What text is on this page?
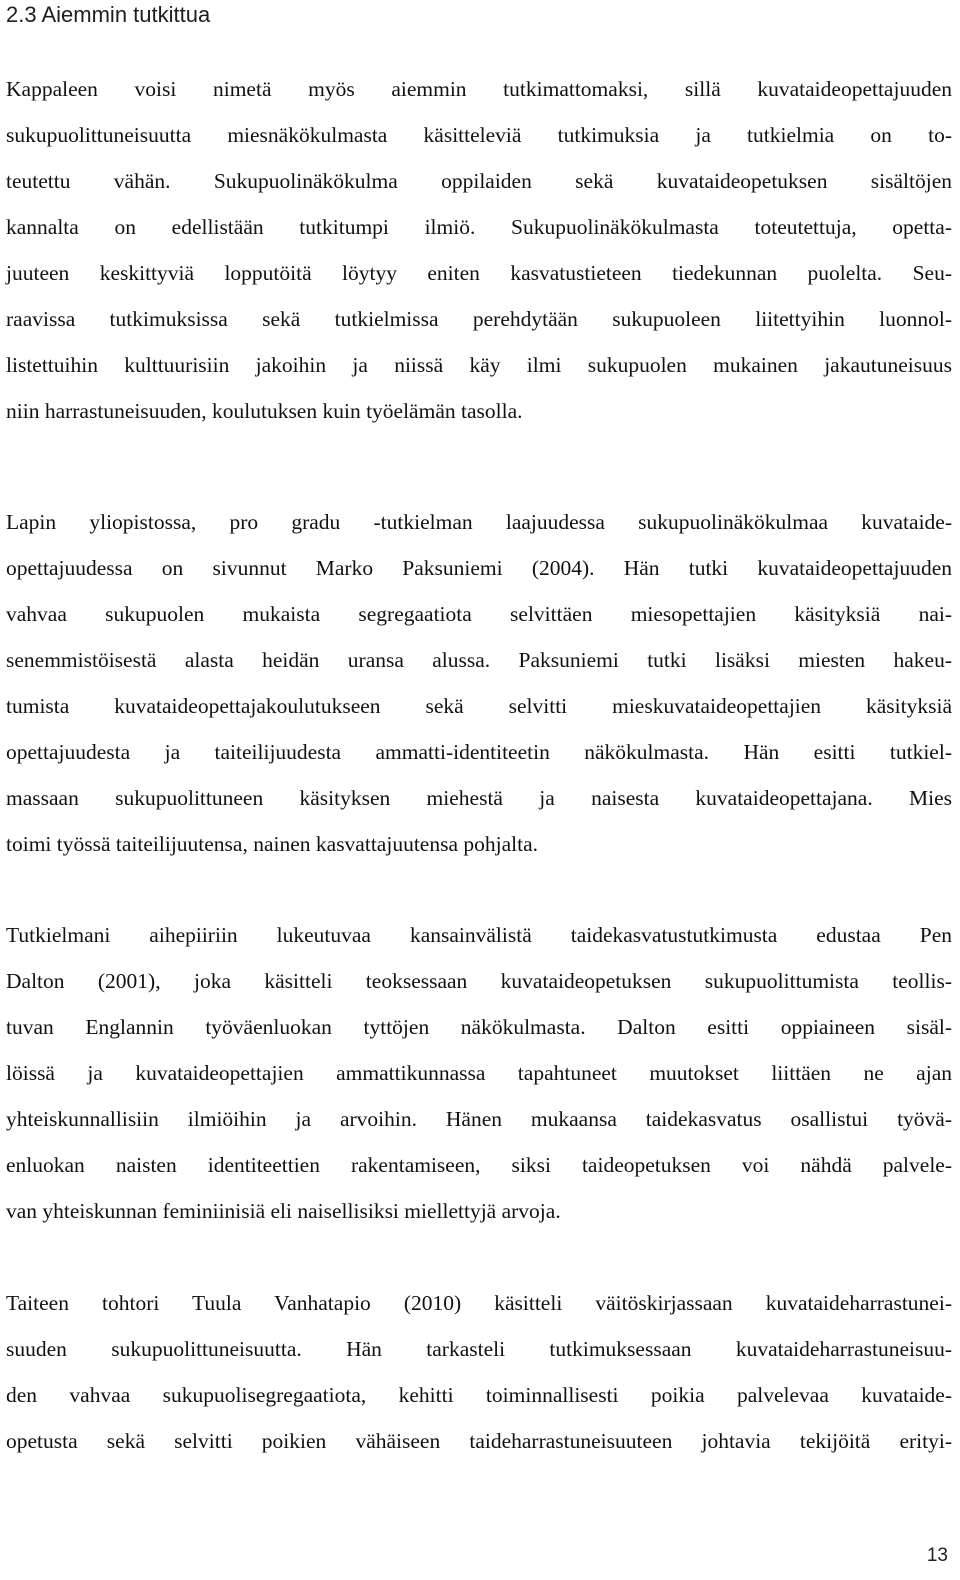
2.3 Aiemmin tutkittua
Kappaleen voisi nimetä myös aiemmin tutkimattomaksi, sillä kuvataideopettajuuden
sukupuolittuneisuutta miesnäkökulmasta käsitteleviä tutkimuksia ja tutkielmia on to-
teutettu vähän. Sukupuolinäkökulma oppilaiden sekä kuvataideopetuksen sisältöjen
kannalta on edellistään tutkitumpi ilmiö. Sukupuolinäkökulmasta toteutettuja, opetta-
juuteen keskittyviä lopputöitä löytyy eniten kasvatustieteen tiedekunnan puolelta. Seu-
raavissa tutkimuksissa sekä tutkielmissa perehdytään sukupuoleen liitettyihin luonnol-
listettuihin kulttuurisiin jakoihin ja niissä käy ilmi sukupuolen mukainen jakautuneisuus
niin harrastuneisuuden, koulutuksen kuin työelämän tasolla.
Lapin yliopistossa, pro gradu -tutkielman laajuudessa sukupuolinäkökulmaa kuvataide-
opettajuudessa on sivunnut Marko Paksuniemi (2004). Hän tutki kuvataideopettajuuden
vahvaa sukupuolen mukaista segregaatiota selvittäen miesopettajien käsityksiä nai-
senemmistöisestä alasta heidän uransa alussa. Paksuniemi tutki lisäksi miesten hakeu-
tumista kuvataideopettajakoulutukseen sekä selvitti mieskuvataideopettajien käsityksiä
opettajuudesta ja taiteilijuudesta ammatti-identiteetin näkökulmasta. Hän esitti tutkiel-
massaan sukupuolittuneen käsityksen miehestä ja naisesta kuvataideopettajana. Mies
toimi työssä taiteilijuutensa, nainen kasvattajuutensa pohjalta.
Tutkielmani aihepiiriin lukeutuvaa kansainvälistä taidekasvatustutkimusta edustaa Pen
Dalton (2001), joka käsitteli teoksessaan kuvataideopetuksen sukupuolittumista teollis-
tuvan Englannin työväenluokan tyttöjen näkökulmasta. Dalton esitti oppiaineen sisäl-
löissä ja kuvataideopettajien ammattikunnassa tapahtuneet muutokset liittäen ne ajan
yhteiskunnallisiin ilmiöihin ja arvoihin. Hänen mukaansa taidekasvatus osallistui työvä-
enluokan naisten identiteettien rakentamiseen, siksi taideopetuksen voi nähdä palvele-
van yhteiskunnan feminiinisiä eli naisellisiksi miellettyjä arvoja.
Taiteen tohtori Tuula Vanhatapio (2010) käsitteli väitöskirjassaan kuvataideharrastunei-
suuden sukupuolittuneisuutta. Hän tarkasteli tutkimuksessaan kuvataideharrastuneisuu-
den vahvaa sukupuolisegregaatiota, kehitti toiminnallisesti poikia palvelevaa kuvataide-
opetusta sekä selvitti poikien vähäiseen taideharrastuneisuuteen johtavia tekijöitä erityi-
13
